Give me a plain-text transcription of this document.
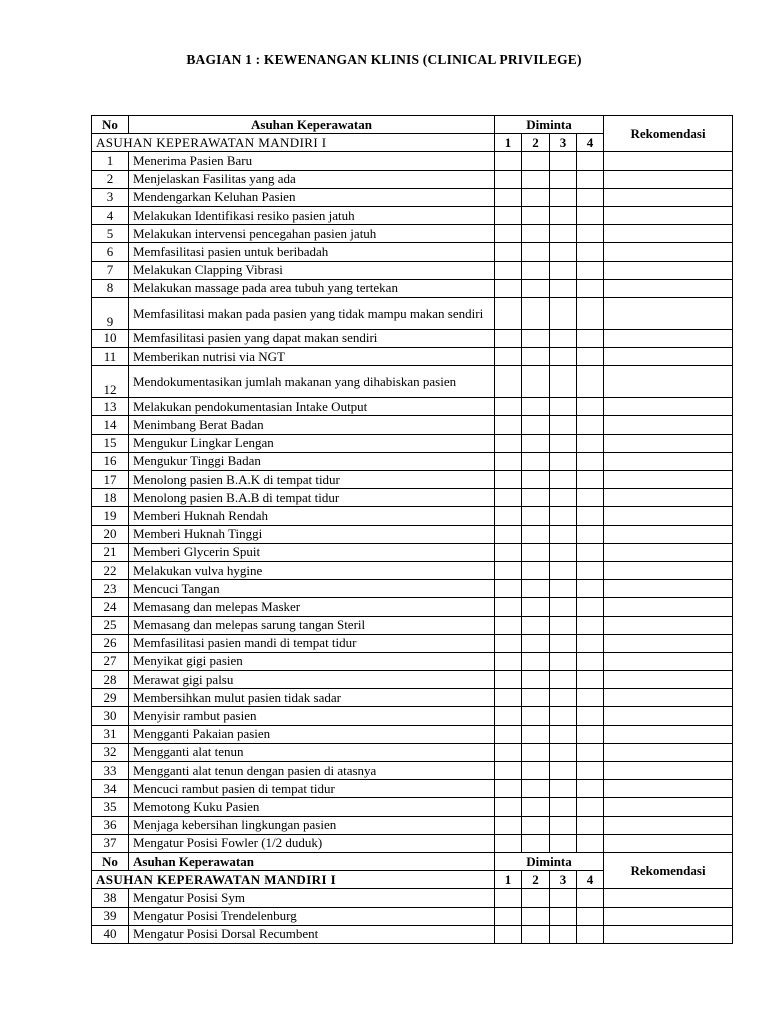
BAGIAN 1 : KEWENANGAN KLINIS (CLINICAL PRIVILEGE)
No	Asuhan Keperawatan	Diminta				Rekomendasi
ASUHAN KEPERAWATAN MANDIRI I		1	2	3	4	
1	Menerima Pasien Baru					
2	Menjelaskan Fasilitas yang ada					
3	Mendengarkan Keluhan Pasien					
4	Melakukan Identifikasi resiko pasien jatuh					
5	Melakukan intervensi pencegahan pasien jatuh					
6	Memfasilitasi pasien untuk beribadah					
7	Melakukan Clapping Vibrasi					
8	Melakukan massage pada area tubuh yang tertekan					
9	Memfasilitasi makan pada pasien yang tidak mampu makan sendiri					
10	Memfasilitasi pasien yang dapat makan sendiri					
11	Memberikan nutrisi via NGT					
12	Mendokumentasikan jumlah makanan yang dihabiskan pasien					
13	Melakukan pendokumentasian Intake Output					
14	Menimbang Berat Badan					
15	Mengukur Lingkar Lengan					
16	Mengukur Tinggi Badan					
17	Menolong pasien B.A.K di tempat tidur					
18	Menolong pasien B.A.B di tempat tidur					
19	Memberi Huknah Rendah					
20	Memberi Huknah Tinggi					
21	Memberi Glycerin Spuit					
22	Melakukan vulva hygine					
23	Mencuci Tangan					
24	Memasang dan melepas Masker					
25	Memasang dan melepas sarung tangan Steril					
26	Memfasilitasi pasien mandi di tempat tidur					
27	Menyikat gigi pasien					
28	Merawat gigi palsu					
29	Membersihkan mulut pasien tidak sadar					
30	Menyisir rambut pasien					
31	Mengganti Pakaian pasien					
32	Mengganti alat tenun					
33	Mengganti alat tenun dengan pasien di atasnya					
34	Mencuci rambut pasien di tempat tidur					
35	Memotong Kuku Pasien					
36	Menjaga kebersihan lingkungan pasien					
37	Mengatur Posisi Fowler (1/2 duduk)					
No	Asuhan Keperawatan	Diminta				Rekomendasi
ASUHAN KEPERAWATAN MANDIRI I		1	2	3	4	
38	Mengatur Posisi Sym					
39	Mengatur Posisi Trendelenburg					
40	Mengatur Posisi Dorsal Recumbent					
